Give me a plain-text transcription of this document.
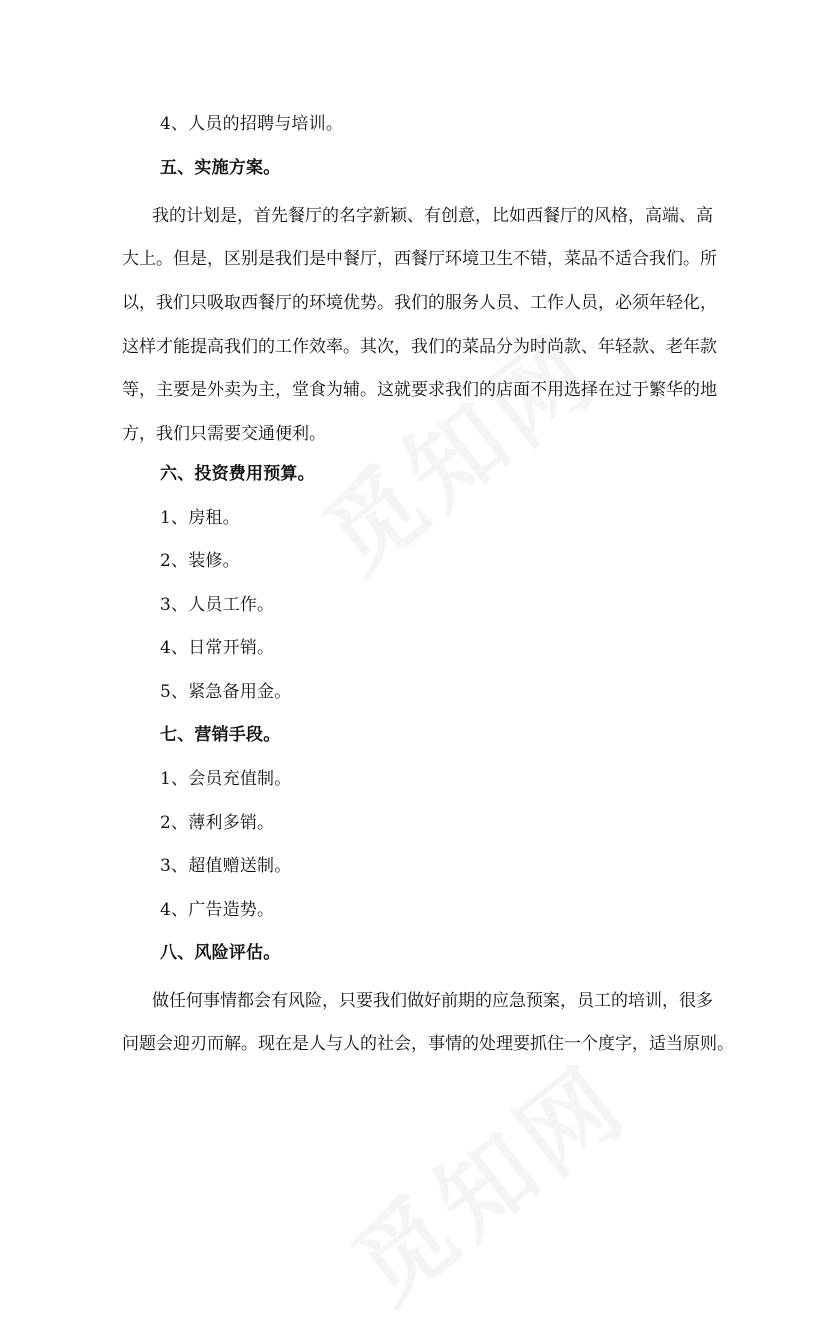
4、人员的招聘与培训。
五、实施方案。
我的计划是，首先餐厅的名字新颖、有创意，比如西餐厅的风格，高端、高
大上。但是，区别是我们是中餐厅，西餐厅环境卫生不错，菜品不适合我们。所
以，我们只吸取西餐厅的环境优势。我们的服务人员、工作人员，必须年轻化，
这样才能提高我们的工作效率。其次，我们的菜品分为时尚款、年轻款、老年款
等，主要是外卖为主，堂食为辅。这就要求我们的店面不用选择在过于繁华的地
方，我们只需要交通便利。
六、投资费用预算。
1、房租。
2、装修。
3、人员工作。
4、日常开销。
5、紧急备用金。
七、营销手段。
1、会员充值制。
2、薄利多销。
3、超值赠送制。
4、广告造势。
八、风险评估。
做任何事情都会有风险，只要我们做好前期的应急预案，员工的培训，很多
问题会迎刃而解。现在是人与人的社会，事情的处理要抓住一个度字，适当原则。
